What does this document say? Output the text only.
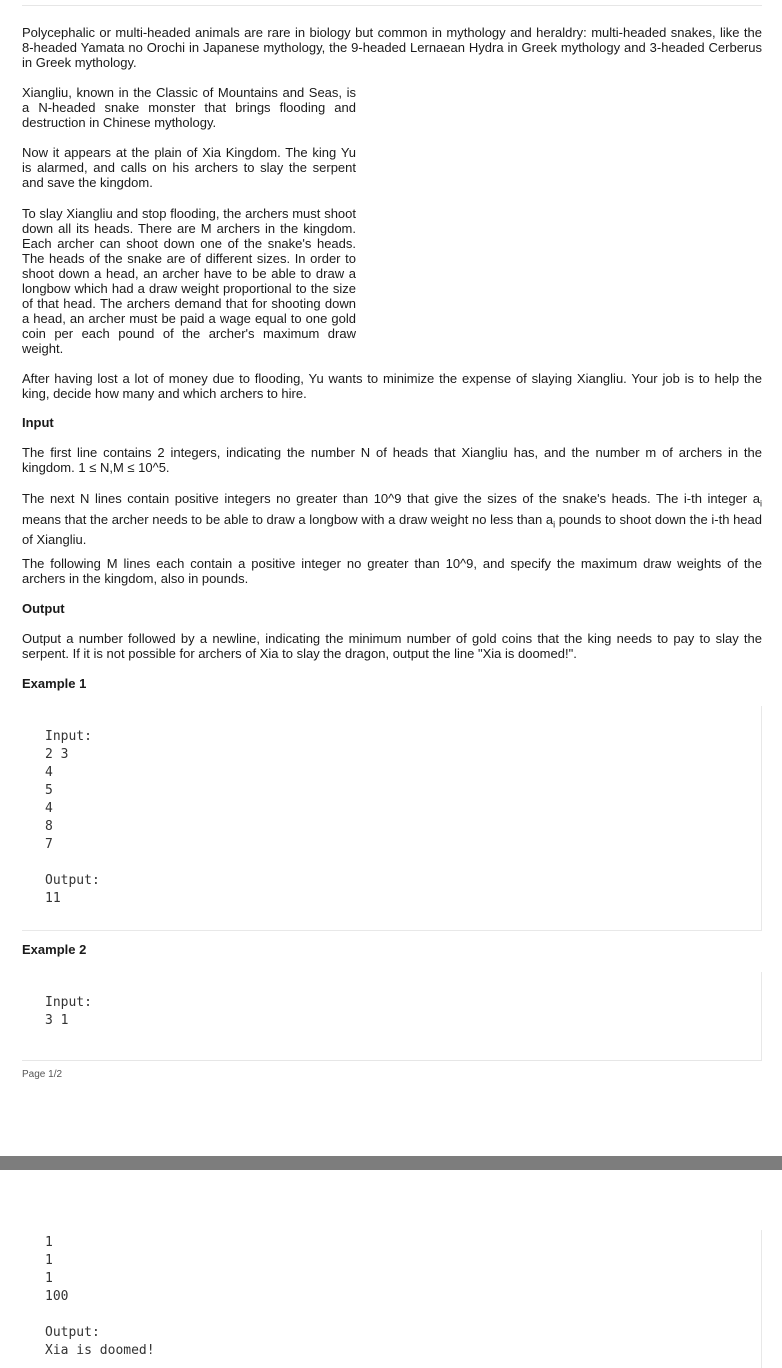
Polycephalic or multi-headed animals are rare in biology but common in mythology and heraldry: multi-headed snakes, like the 8-headed Yamata no Orochi in Japanese mythology, the 9-headed Lernaean Hydra in Greek mythology and 3-headed Cerberus in Greek mythology.

Xiangliu, known in the Classic of Mountains and Seas, is a N-headed snake monster that brings flooding and destruction in Chinese mythology.

Now it appears at the plain of Xia Kingdom. The king Yu is alarmed, and calls on his archers to slay the serpent and save the kingdom.

To slay Xiangliu and stop flooding, the archers must shoot down all its heads. There are M archers in the kingdom. Each archer can shoot down one of the snake's heads. The heads of the snake are of different sizes. In order to shoot down a head, an archer have to be able to draw a longbow which had a draw weight proportional to the size of that head. The archers demand that for shooting down a head, an archer must be paid a wage equal to one gold coin per each pound of the archer's maximum draw weight.

After having lost a lot of money due to flooding, Yu wants to minimize the expense of slaying Xiangliu. Your job is to help the king, decide how many and which archers to hire.

Input

The first line contains 2 integers, indicating the number N of heads that Xiangliu has, and the number m of archers in the kingdom. 1 ≤ N,M ≤ 10^5.

The next N lines contain positive integers no greater than 10^9 that give the sizes of the snake's heads. The i-th integer $a_i$ means that the archer needs to be able to draw a longbow with a draw weight no less than $a_i$ pounds to shoot down the i-th head of Xiangliu.

The following M lines each contain a positive integer no greater than 10^9, and specify the maximum draw weights of the archers in the kingdom, also in pounds.

Output

Output a number followed by a newline, indicating the minimum number of gold coins that the king needs to pay to slay the serpent. If it is not possible for archers of Xia to slay the dragon, output the line "Xia is doomed!".

Example 1
Input:
2 3
4
5
4
8
7
Output:
11
Example 2
Input:
3 1
Page 1/2
1
1
1
100
Output:
Xia is doomed!
